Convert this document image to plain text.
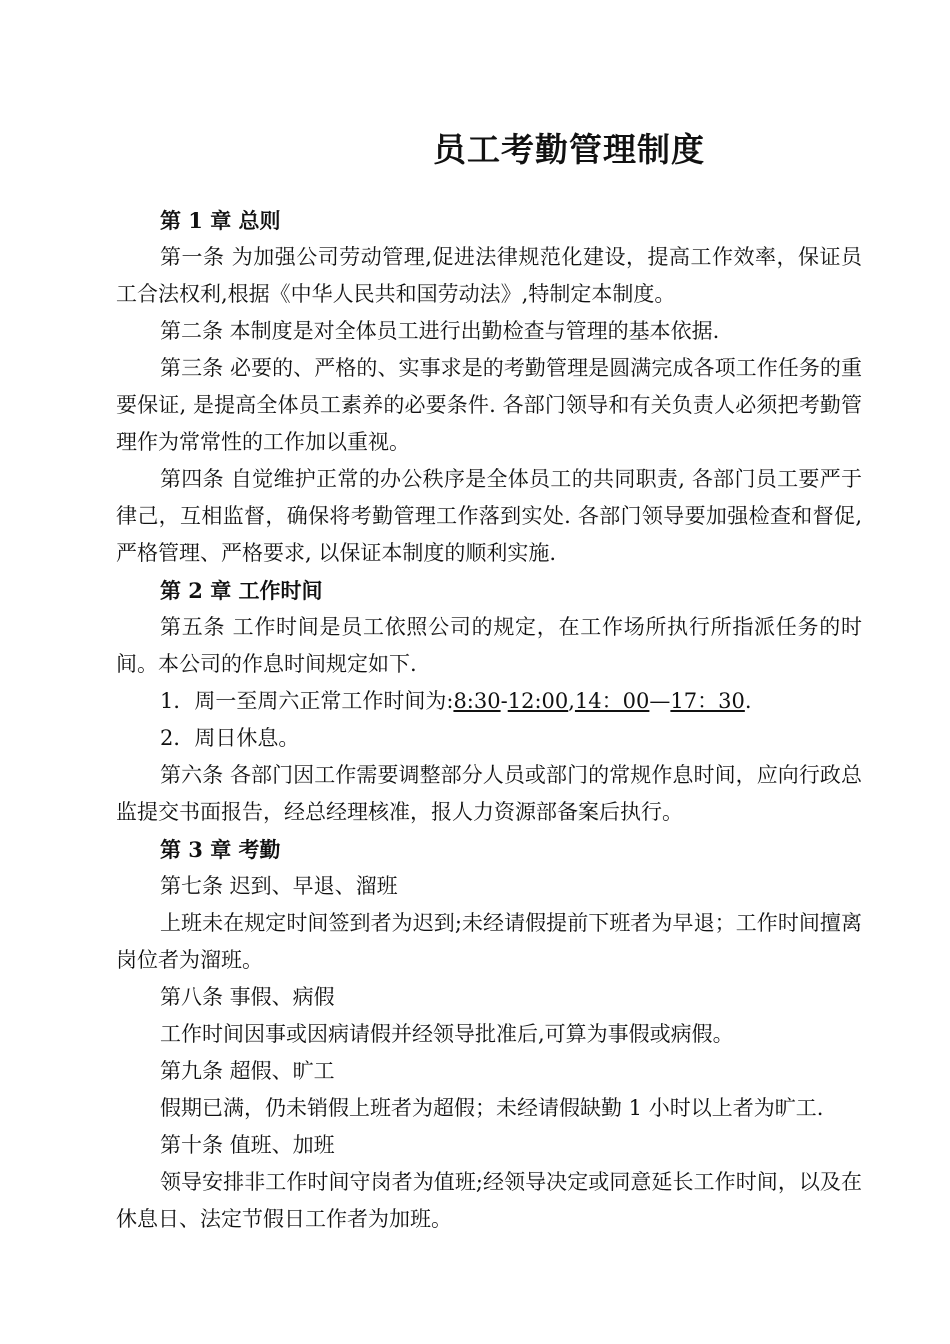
员工考勤管理制度

第 1 章 总则

第一条 为加强公司劳动管理,促进法律规范化建设，提高工作效率，保证员工合法权利,根据《中华人民共和国劳动法》,特制定本制度。

第二条 本制度是对全体员工进行出勤检查与管理的基本依据.

第三条 必要的、严格的、实事求是的考勤管理是圆满完成各项工作任务的重要保证, 是提高全体员工素养的必要条件. 各部门领导和有关负责人必须把考勤管理作为常常性的工作加以重视。

第四条 自觉维护正常的办公秩序是全体员工的共同职责, 各部门员工要严于律己，互相监督，确保将考勤管理工作落到实处. 各部门领导要加强检查和督促, 严格管理、严格要求, 以保证本制度的顺利实施.

第 2 章 工作时间

第五条 工作时间是员工依照公司的规定，在工作场所执行所指派任务的时间。本公司的作息时间规定如下.

1．周一至周六正常工作时间为:8:30-12:00,14：00—17：30.

2．周日休息。

第六条 各部门因工作需要调整部分人员或部门的常规作息时间，应向行政总监提交书面报告，经总经理核准，报人力资源部备案后执行。

第 3 章 考勤

第七条 迟到、早退、溜班

上班未在规定时间签到者为迟到;未经请假提前下班者为早退；工作时间擅离岗位者为溜班。

第八条 事假、病假

工作时间因事或因病请假并经领导批准后,可算为事假或病假。

第九条 超假、旷工

假期已满，仍未销假上班者为超假；未经请假缺勤 1 小时以上者为旷工.

第十条 值班、加班

领导安排非工作时间守岗者为值班;经领导决定或同意延长工作时间，以及在休息日、法定节假日工作者为加班。
